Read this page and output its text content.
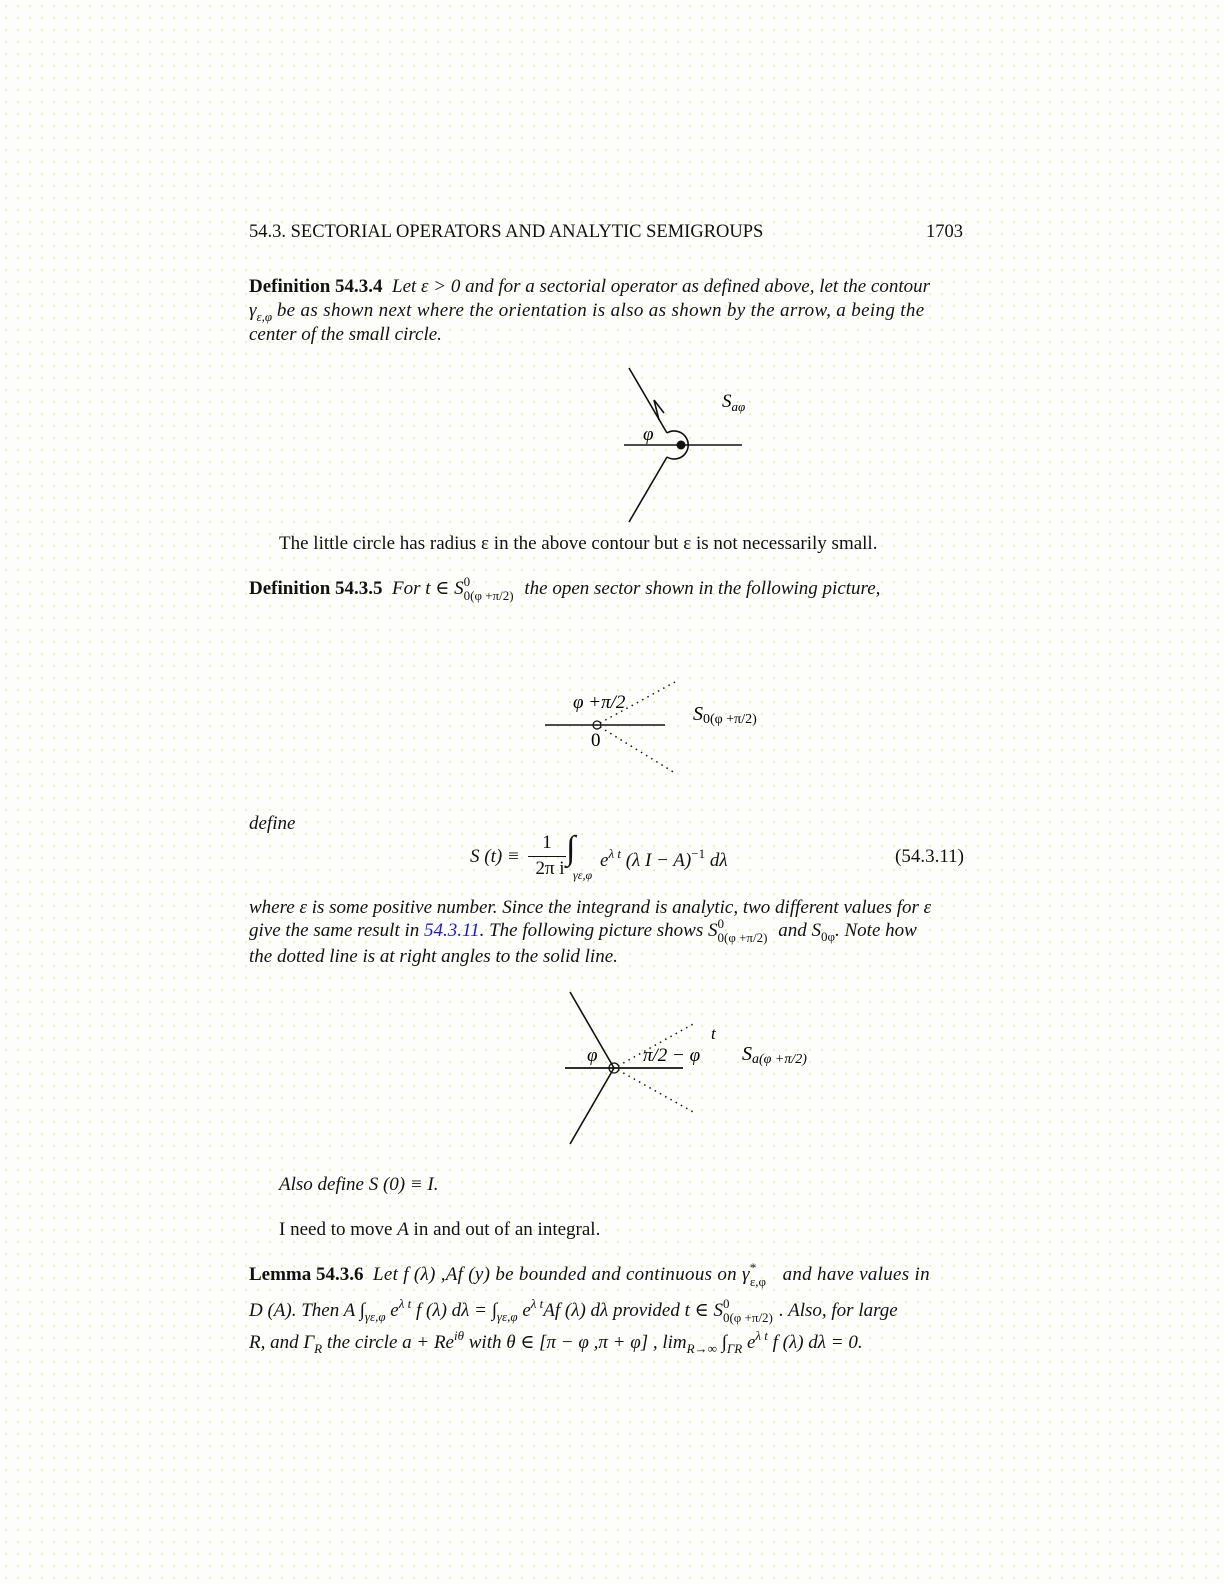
54.3. SECTORIAL OPERATORS AND ANALYTIC SEMIGROUPS	1703
Definition 54.3.4 Let ε > 0 and for a sectorial operator as defined above, let the contour
$\gamma_{\varepsilon,\varphi}$ be as shown next where the orientation is also as shown by the arrow, a being the
center of the small circle.
φ
$S_{a\varphi}$
The little circle has radius ε in the above contour but ε is not necessarily small.
Definition 54.3.5 For t ∈ S 0
0(φ +π/2) the open sector shown in the following picture,
φ +π/2
0
S0(φ +π/2)
define
S (t) ≡
1
2π i
∫
γε,φ
$e^{\lambda t}$ (λ I − A)$^{-1}$ dλ	(54.3.11)
where ε is some positive number. Since the integrand is analytic, two different values for ε
give the same result in 54.3.11. The following picture shows S 0
0(φ +π/2) and $S_{0\varphi}$. Note how
the dotted line is at right angles to the solid line.
φ π/2 − φ
t
Sa(φ +π/2)
Also define S (0) ≡ I.
I need to move A in and out of an integral.
Lemma 54.3.6 Let f (λ) ,Af (y) be bounded and continuous on γ *
ε,φ and have values in
D (A). Then A $\int_{\gamma\varepsilon,\varphi}$ $e^{\lambda t}$ f (λ) $d\lambda = \int_{\gamma\varepsilon,\varphi}$ $e^{\lambda t}Af$ (λ) dλ provided t ∈ S 0
0(φ +π/2) . Also, for large
R, and $\Gamma_R$ the circle $a + Re^{i\theta}$ with θ ∈ [π − φ ,π + φ] , $\lim_{R\to\infty} \int_{\Gamma R}$ $e^{\lambda t}$ f (λ) dλ = 0.
